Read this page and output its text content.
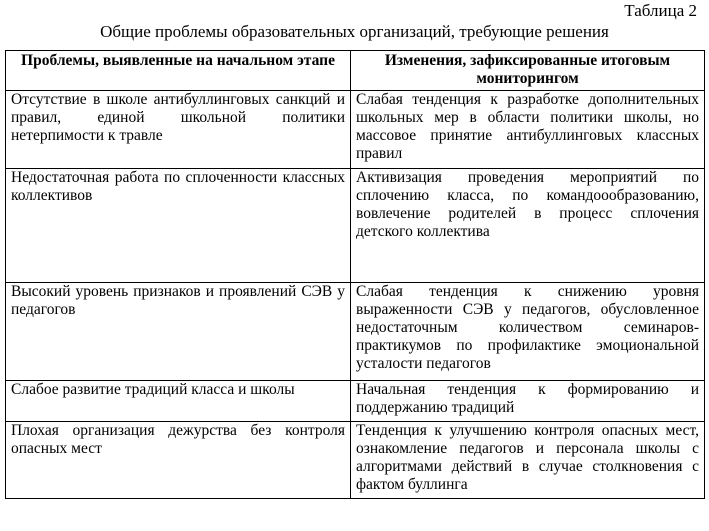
Таблица 2
Общие проблемы образовательных организаций, требующие решения
Проблемы, выявленные на начальном этапе	Изменения, зафиксированные итоговым мониторингом
Отсутствие в школе антибуллинговых санкций и правил, единой школьной политики нетерпимости к травле	Слабая тенденция к разработке дополнительных школьных мер в области политики школы, но массовое принятие антибуллинговых классных правил
Недостаточная работа по сплоченности классных коллективов	Активизация проведения мероприятий по сплочению класса, по командоообразованию, вовлечение родителей в процесс сплочения детского коллектива
Высокий уровень признаков и проявлений СЭВ у педагогов	Слабая тенденция к снижению уровня выраженности СЭВ у педагогов, обусловленное недостаточным количеством семинаров-практикумов по профилактике эмоциональной усталости педагогов
Слабое развитие традиций класса и школы	Начальная тенденция к формированию и поддержанию традиций
Плохая организация дежурства без контроля опасных мест	Тенденция к улучшению контроля опасных мест, ознакомление педагогов и персонала школы с алгоритмами действий в случае столкновения с фактом буллинга
